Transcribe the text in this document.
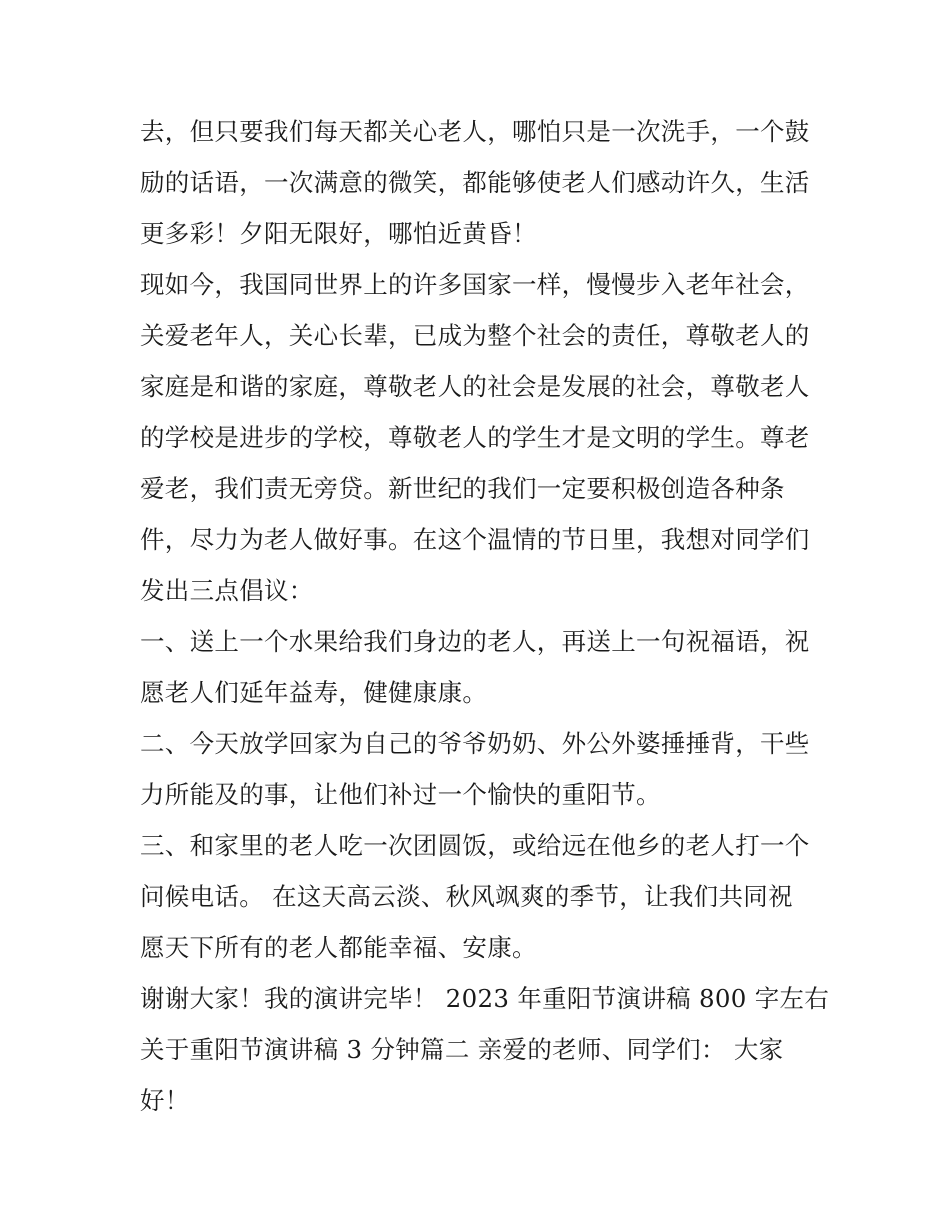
去，但只要我们每天都关心老人，哪怕只是一次洗手，一个鼓
励的话语，一次满意的微笑，都能够使老人们感动许久，生活
更多彩！夕阳无限好，哪怕近黄昏！
现如今，我国同世界上的许多国家一样，慢慢步入老年社会，
关爱老年人，关心长辈，已成为整个社会的责任，尊敬老人的
家庭是和谐的家庭，尊敬老人的社会是发展的社会，尊敬老人
的学校是进步的学校，尊敬老人的学生才是文明的学生。尊老
爱老，我们责无旁贷。新世纪的我们一定要积极创造各种条
件，尽力为老人做好事。在这个温情的节日里，我想对同学们
发出三点倡议：
一、送上一个水果给我们身边的老人，再送上一句祝福语，祝
愿老人们延年益寿，健健康康。
二、今天放学回家为自己的爷爷奶奶、外公外婆捶捶背，干些
力所能及的事，让他们补过一个愉快的重阳节。
三、和家里的老人吃一次团圆饭，或给远在他乡的老人打一个
问候电话。 在这天高云淡、秋风飒爽的季节，让我们共同祝
愿天下所有的老人都能幸福、安康。
谢谢大家！我的演讲完毕！ 2023 年重阳节演讲稿 800 字左右
关于重阳节演讲稿 3 分钟篇二 亲爱的老师、同学们： 大家
好！
